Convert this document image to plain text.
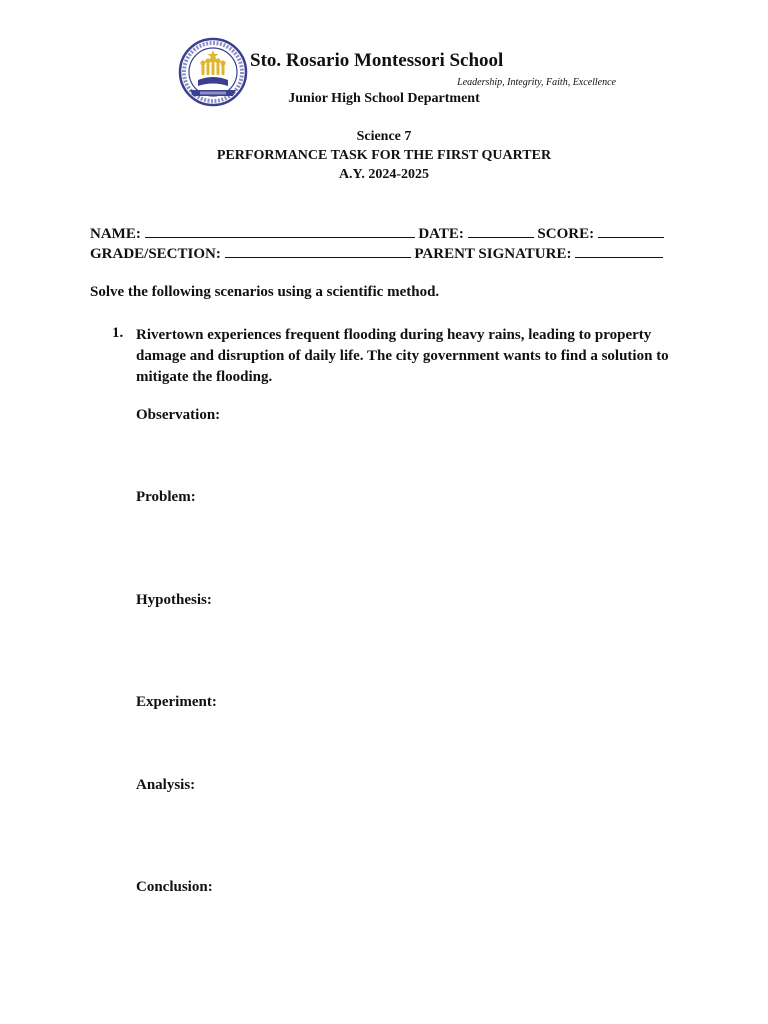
Sto. Rosario Montessori School
Leadership, Integrity, Faith, Excellence
Junior High School Department
Science 7
PERFORMANCE TASK FOR THE FIRST QUARTER
A.Y. 2024-2025
NAME:	DATE:	SCORE:
GRADE/SECTION:	PARENT SIGNATURE:
Solve the following scenarios using a scientific method.
1. Rivertown experiences frequent flooding during heavy rains, leading to property damage and disruption of daily life. The city government wants to find a solution to mitigate the flooding.
Observation:
Problem:
Hypothesis:
Experiment:
Analysis:
Conclusion:
